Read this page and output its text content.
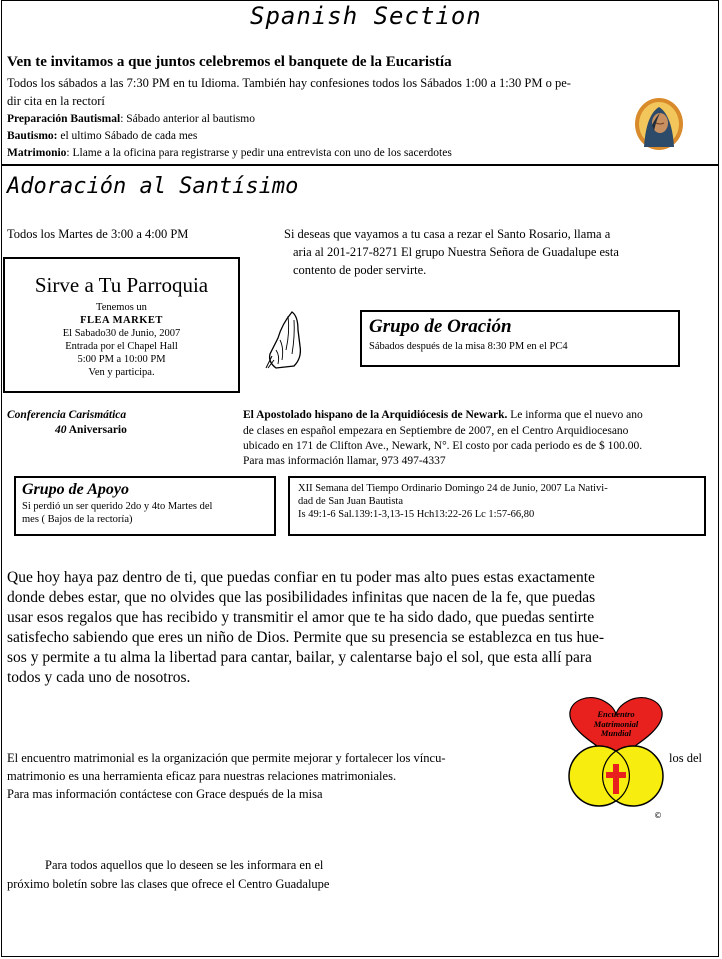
Spanish Section
Ven te invitamos a que juntos celebremos el banquete de la Eucaristía
Todos los sábados a las 7:30 PM en tu Idioma. También hay confesiones todos los Sábados 1:00 a 1:30 PM o pe-
dir cita en la rectorí
Preparación Bautismal: Sábado anterior al bautismo
Bautismo: el ultimo Sábado de cada mes
Matrimonio: Llame a la oficina para registrarse y pedir una entrevista con uno de los sacerdotes
Adoración al Santísimo
Todos los Martes de 3:00 a 4:00 PM	Si deseas que vayamos a tu casa a rezar el Santo Rosario, llama a
aria al 201-217-8271 El grupo Nuestra Señora de Guadalupe esta
contento de poder servirte.
Sirve a Tu Parroquia
Tenemos un
FLEA MARKET
El Sabado30 de Junio, 2007
Entrada por el Chapel Hall
5:00 PM a 10:00 PM
Ven y participa.
Grupo de Oración
Sábados después de la misa 8:30 PM en el PC4
Conferencia Carismática
40 Aniversario
El Apostolado hispano de la Arquidiócesis de Newark. Le informa que el nuevo ano
de clases en español empezara en Septiembre de 2007, en el Centro Arquidiocesano
ubicado en 171 de Clifton Ave., Newark, N°. El costo por cada periodo es de $ 100.00.
Para mas información llamar, 973 497-4337
Grupo de Apoyo
Si perdió un ser querido 2do y 4to Martes del
mes ( Bajos de la rectoría)
XII Semana del Tiempo Ordinario Domingo 24 de Junio, 2007 La Nativi-
dad de San Juan Bautista
Is 49:1-6 Sal.139:1-3,13-15 Hch13:22-26 Lc 1:57-66,80
Que hoy haya paz dentro de ti, que puedas confiar en tu poder mas alto pues estas exactamente
donde debes estar, que no olvides que las posibilidades infinitas que nacen de la fe, que puedas
usar esos regalos que has recibido y transmitir el amor que te ha sido dado, que puedas sentirte
satisfecho sabiendo que eres un niño de Dios. Permite que su presencia se establezca en tus hue-
sos y permite a tu alma la libertad para cantar, bailar, y calentarse bajo el sol, que esta allí para
todos y cada uno de nosotros.
El encuentro matrimonial es la organización que permite mejorar y fortalecer los víncu-	los del
matrimonio es una herramienta eficaz para nuestras relaciones matrimoniales.
Para mas información contáctese con Grace después de la misa
©
Encuentro Matrimonial Mundial
Para todos aquellos que lo deseen se les informara en el
próximo boletín sobre las clases que ofrece el Centro Guadalupe
